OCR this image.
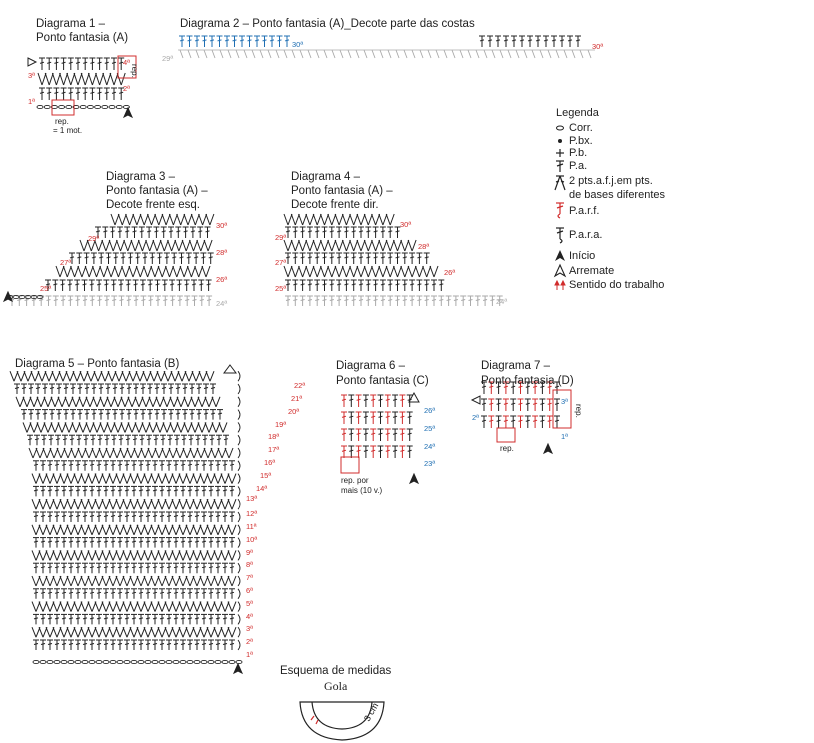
Diagrama 1 –
Ponto fantasia (A)
4ª
2ª
3ª
1ª
rep.
rep.
= 1 mot.
Diagrama 2 – Ponto fantasia (A)_Decote parte das costas
29ª
30ª	30ª
Diagrama 3 –
Ponto fantasia (A) –
Decote frente esq.
24ª
25ª
26ª
27ª
28ª
29ª
30ª
Diagrama 4 –
Ponto fantasia (A) –
Decote frente dir.
24ª
25ª
26ª
27ª
28ª
29ª
30ª
Diagrama 5 – Ponto fantasia (B)
1ª
2ª
3ª
4ª
5ª
6ª
7ª
8ª
9ª
10ª
11ª
12ª
13ª
14ª
15ª
16ª
17ª
18ª
19ª
20ª
21ª
22ª
Diagrama 6 –
Ponto fantasia (C)
23ª
24ª
25ª
26ª
rep. por
mais (10 v.)
Diagrama 7 –
Ponto fantasia (D)
1ª
2ª
3ª
rep.
rep.
Legenda
Corr.
P.bx.
P.b.
P.a.
2 pts.a.f.j.em pts.
de bases diferentes
P.a.r.f.
P.a.r.a.
Início
Arremate
Sentido do trabalho
Esquema de medidas
Gola
3 cm
